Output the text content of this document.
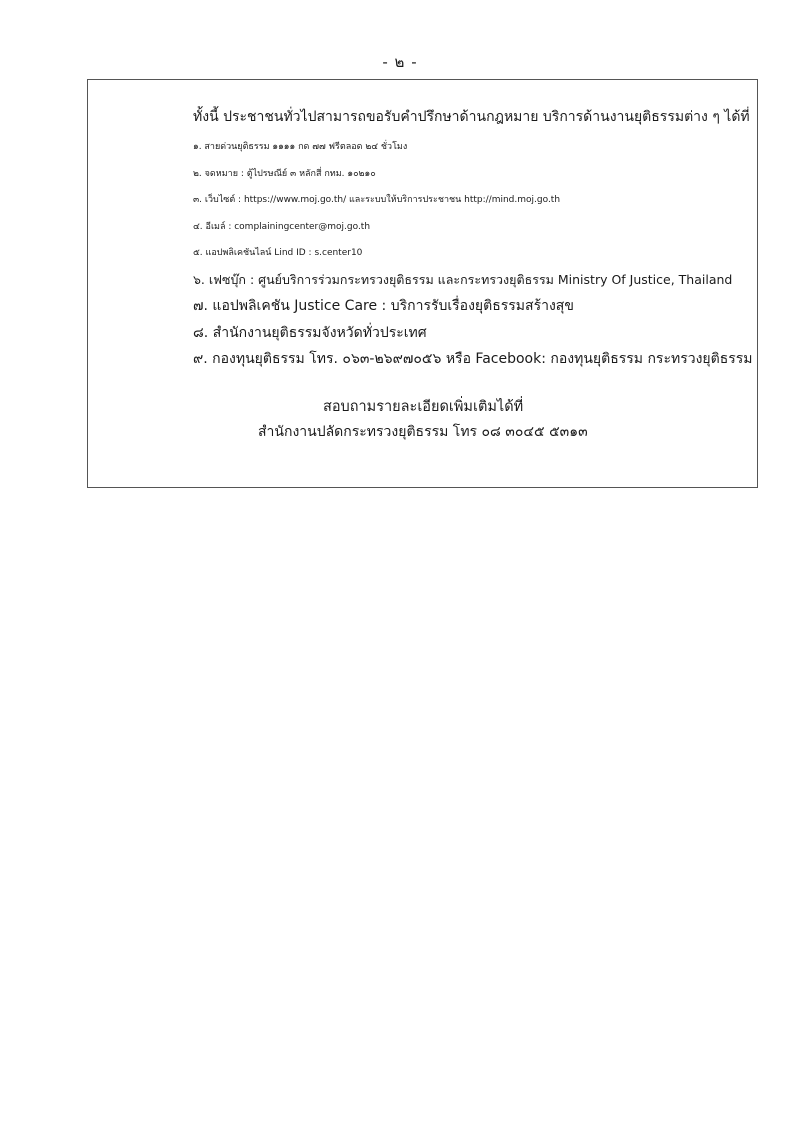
- ๒ -
ทั้งนี้ ประชาชนทั่วไปสามารถขอรับคำปรึกษาด้านกฎหมาย บริการด้านงานยุติธรรมต่าง ๆ ได้ที่
๑. สายด่วนยุติธรรม ๑๑๑๑ กด ๗๗ ฟรีตลอด ๒๔ ชั่วโมง
๒. จดหมาย : ตู้ไปรษณีย์ ๓ หลักสี่ กทม. ๑๐๒๑๐
๓. เว็บไซต์ : https://www.moj.go.th/ และระบบให้บริการประชาชน http://mind.moj.go.th
๔. อีเมล์ : complainingcenter@moj.go.th
๕. แอปพลิเคชันไลน์ Lind ID : s.center10
๖. เฟซบุ๊ก : ศูนย์บริการร่วมกระทรวงยุติธรรม และกระทรวงยุติธรรม Ministry Of Justice, Thailand
๗. แอปพลิเคชัน Justice Care : บริการรับเรื่องยุติธรรมสร้างสุข
๘. สำนักงานยุติธรรมจังหวัดทั่วประเทศ
๙. กองทุนยุติธรรม โทร. ๐๖๓-๒๖๙๗๐๕๖ หรือ Facebook: กองทุนยุติธรรม กระทรวงยุติธรรม
สอบถามรายละเอียดเพิ่มเติมได้ที่
สำนักงานปลัดกระทรวงยุติธรรม โทร ๐๘ ๓๐๔๕ ๕๓๑๓
